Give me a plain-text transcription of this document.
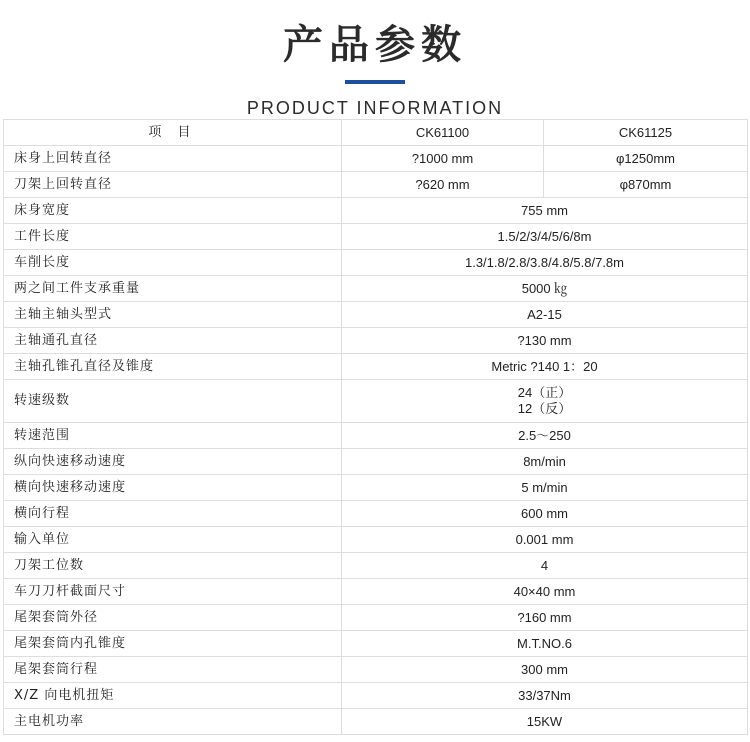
产品参数
PRODUCT INFORMATION
项 目	CK61100	CK61125
床身上回转直径	?1000 mm	φ1250mm
刀架上回转直径	?620 mm	φ870mm
床身宽度	755 mm	
工件长度	1.5/2/3/4/5/6/8m	
车削长度	1.3/1.8/2.8/3.8/4.8/5.8/7.8m	
两之间工件支承重量	5000 ㎏	
主轴主轴头型式	A2-15	
主轴通孔直径	?130 mm	
主轴孔锥孔直径及锥度	Metric ?140 1：20	
转速级数	24（正）
12（反）	

转速范围	2.5～250	
纵向快速移动速度	8m/min	
横向快速移动速度	5 m/min	
横向行程	600 mm	
输入单位	0.001 mm	
刀架工位数	4	
车刀刀杆截面尺寸	40×40 mm	
尾架套筒外径	?160 mm	
尾架套筒内孔锥度	M.T.NO.6	
尾架套筒行程	300 mm	
X/Z 向电机扭矩	33/37Nm	
主电机功率	15KW	
